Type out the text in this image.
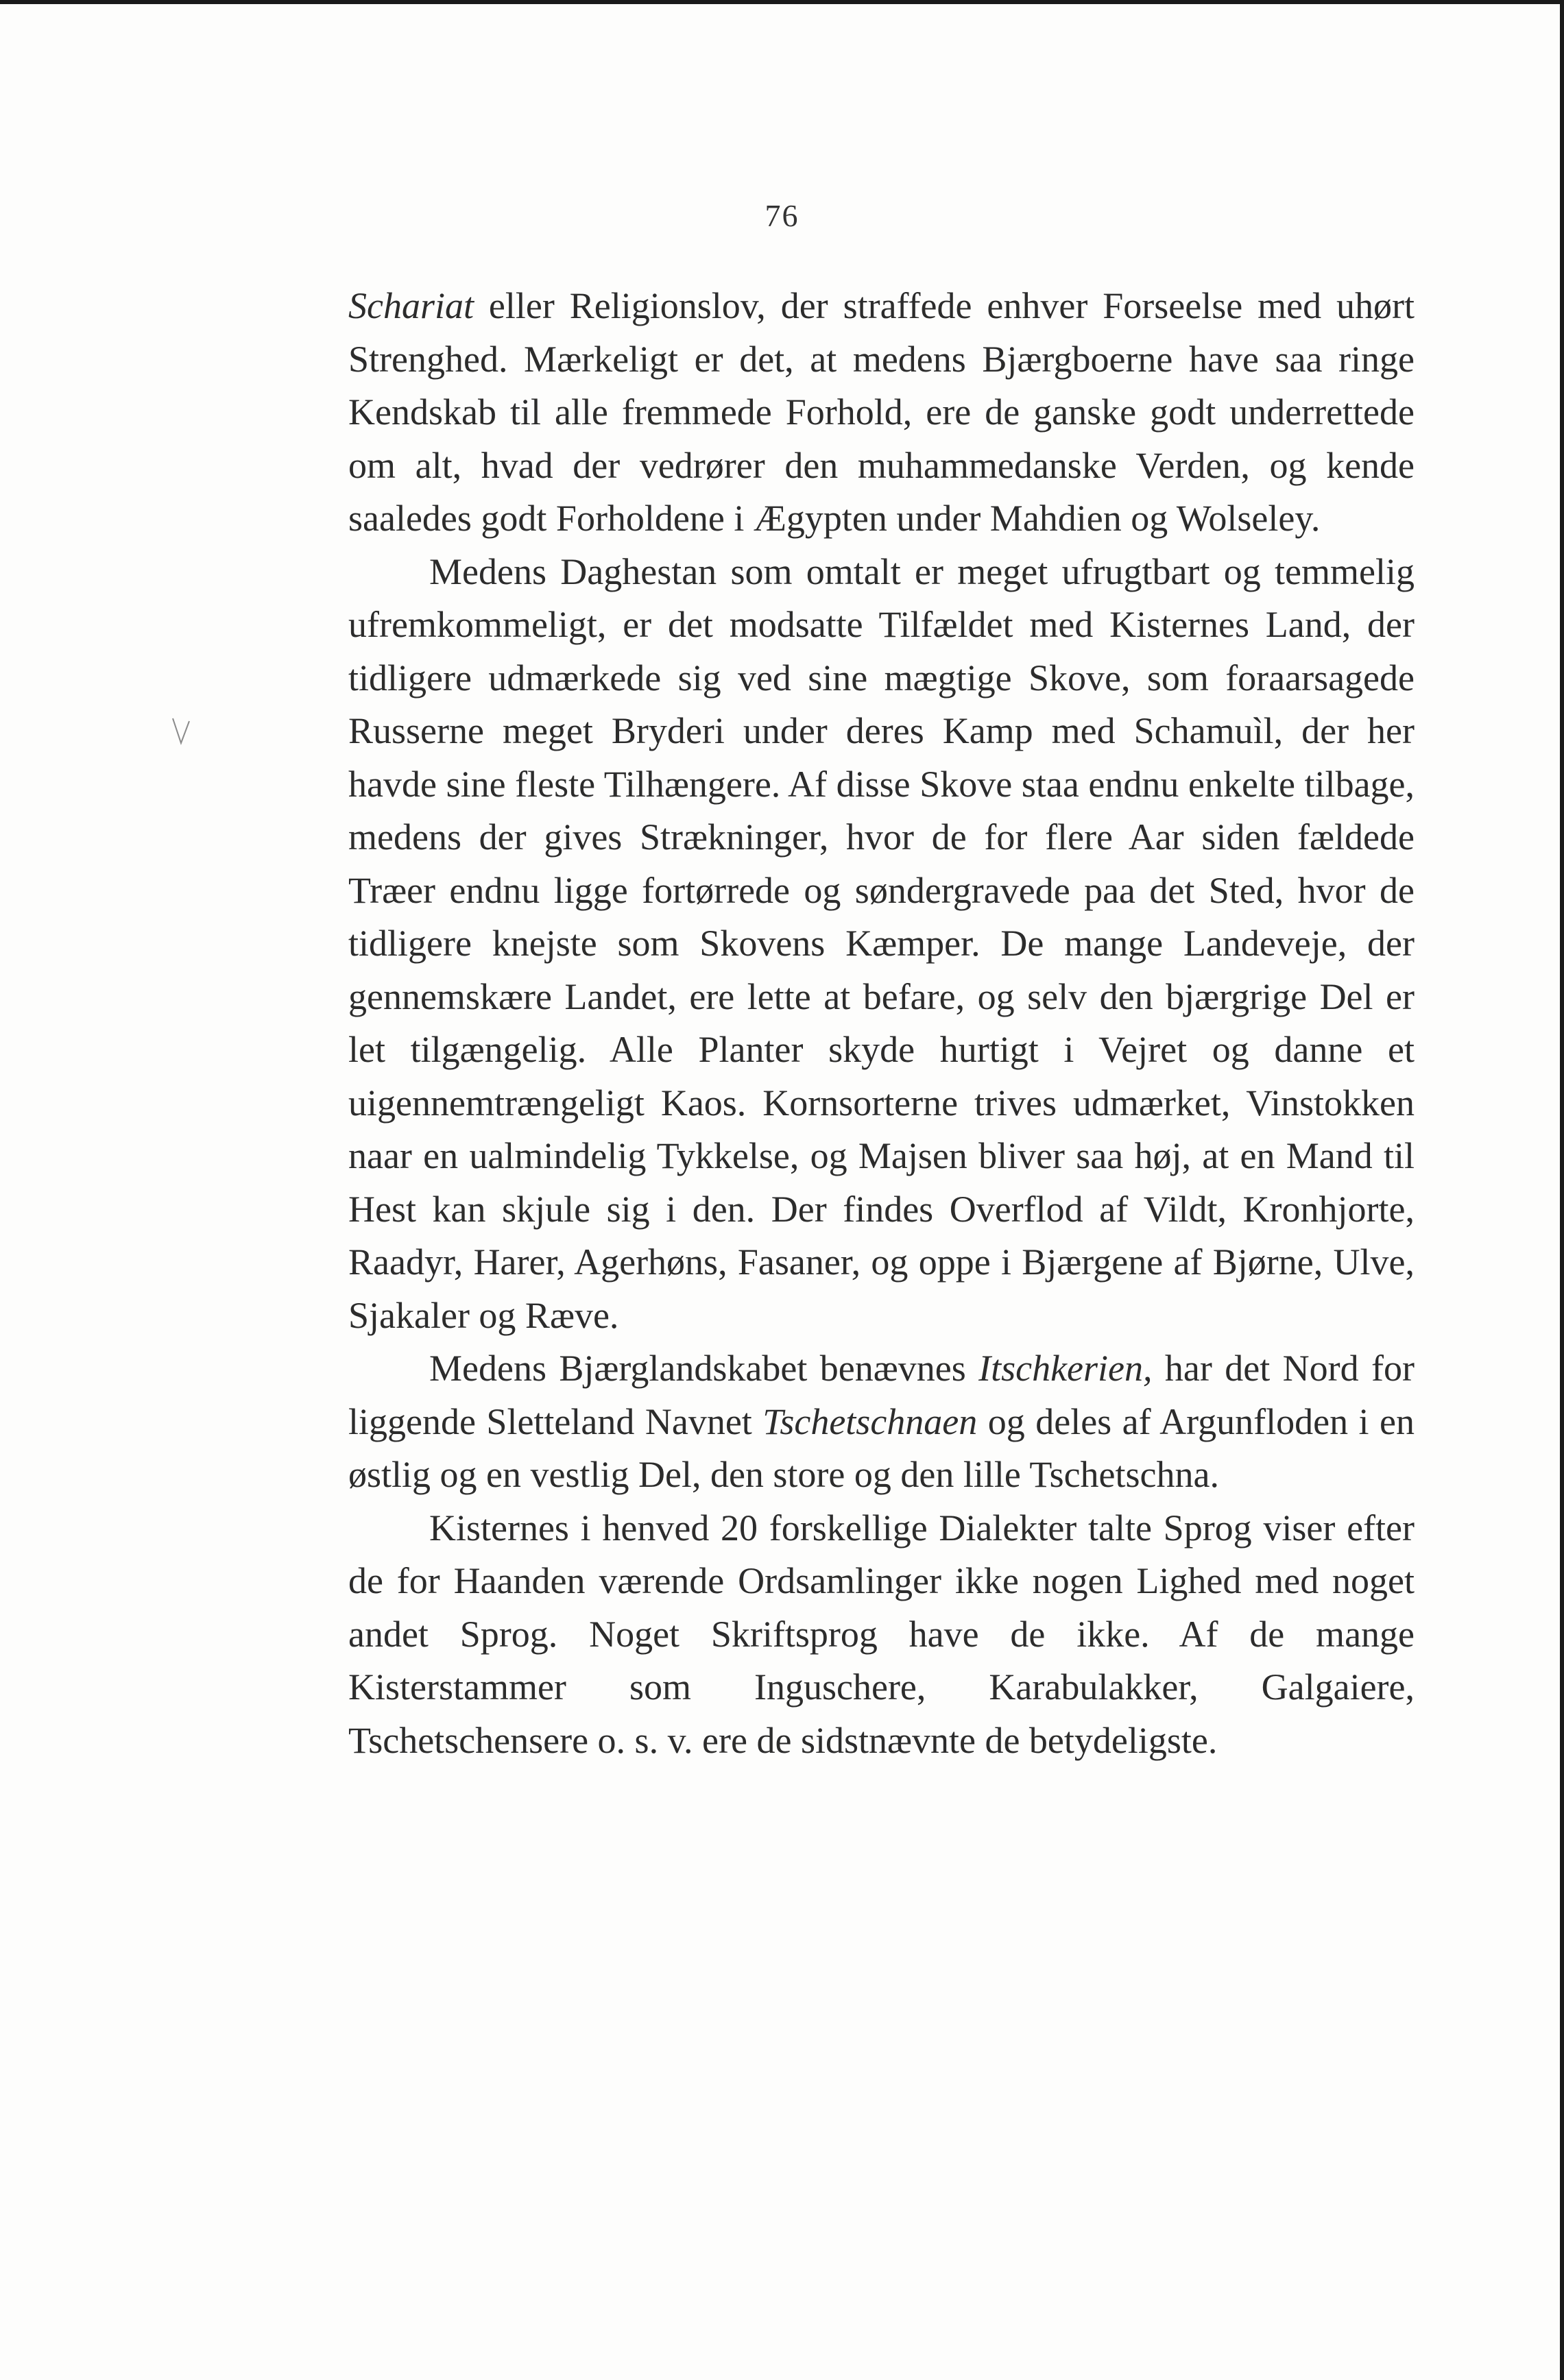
76

Schariat eller Religionslov, der straffede enhver Forseelse med uhørt Strenghed. Mærkeligt er det, at medens Bjærgboerne have saa ringe Kendskab til alle fremmede Forhold, ere de ganske godt underrettede om alt, hvad der vedrører den muhammedanske Verden, og kende saaledes godt Forholdene i Ægypten under Mahdien og Wolseley.

Medens Daghestan som omtalt er meget ufrugtbart og temmelig ufremkommeligt, er det modsatte Tilfældet med Kisternes Land, der tidligere udmærkede sig ved sine mægtige Skove, som foraarsagede Russerne meget Bryderi under deres Kamp med Schamuìl, der her havde sine fleste Tilhængere. Af disse Skove staa endnu enkelte tilbage, medens der gives Strækninger, hvor de for flere Aar siden fældede Træer endnu ligge fortørrede og søndergravede paa det Sted, hvor de tidligere knejste som Skovens Kæmper. De mange Landeveje, der gennemskære Landet, ere lette at befare, og selv den bjærgrige Del er let tilgængelig. Alle Planter skyde hurtigt i Vejret og danne et uigennemtrængeligt Kaos. Kornsorterne trives udmærket, Vinstokken naar en ualmindelig Tykkelse, og Majsen bliver saa høj, at en Mand til Hest kan skjule sig i den. Der findes Overflod af Vildt, Kronhjorte, Raadyr, Harer, Agerhøns, Fasaner, og oppe i Bjærgene af Bjørne, Ulve, Sjakaler og Ræve.

Medens Bjærglandskabet benævnes Itschkerien, har det Nord for liggende Sletteland Navnet Tschetschnaen og deles af Argunfloden i en østlig og en vestlig Del, den store og den lille Tschetschna.

Kisternes i henved 20 forskellige Dialekter talte Sprog viser efter de for Haanden værende Ordsamlinger ikke nogen Lighed med noget andet Sprog. Noget Skriftsprog have de ikke. Af de mange Kisterstammer som Inguschere, Karabulakker, Galgaiere, Tschetschensere o. s. v. ere de sidstnævnte de betydeligste.
